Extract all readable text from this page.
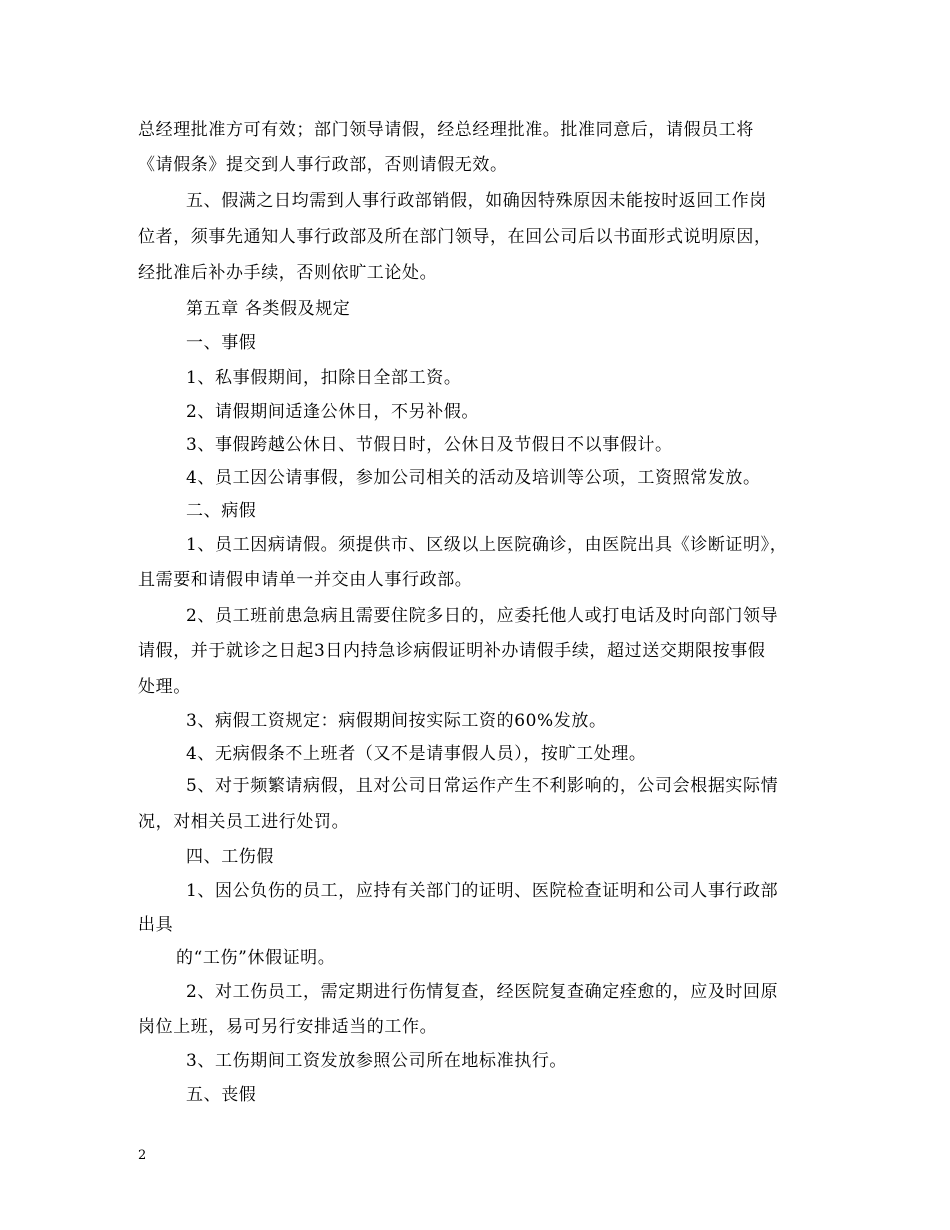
总经理批准方可有效；部门领导请假，经总经理批准。批准同意后，请假员工将
《请假条》提交到人事行政部，否则请假无效。
五、假满之日均需到人事行政部销假，如确因特殊原因未能按时返回工作岗
位者，须事先通知人事行政部及所在部门领导，在回公司后以书面形式说明原因，
经批准后补办手续，否则依旷工论处。
第五章 各类假及规定
一、事假
1、私事假期间，扣除日全部工资。
2、请假期间适逢公休日，不另补假。
3、事假跨越公休日、节假日时，公休日及节假日不以事假计。
4、员工因公请事假，参加公司相关的活动及培训等公项，工资照常发放。
二、病假
1、员工因病请假。须提供市、区级以上医院确诊，由医院出具《诊断证明》，
且需要和请假申请单一并交由人事行政部。
2、员工班前患急病且需要住院多日的，应委托他人或打电话及时向部门领导
请假，并于就诊之日起3日内持急诊病假证明补办请假手续，超过送交期限按事假
处理。
3、病假工资规定：病假期间按实际工资的60%发放。
4、无病假条不上班者（又不是请事假人员），按旷工处理。
5、对于频繁请病假，且对公司日常运作产生不利影响的，公司会根据实际情
况，对相关员工进行处罚。
四、工伤假
1、因公负伤的员工，应持有关部门的证明、医院检查证明和公司人事行政部
出具
的“工伤”休假证明。
2、对工伤员工，需定期进行伤情复查，经医院复查确定痊愈的，应及时回原
岗位上班，易可另行安排适当的工作。
3、工伤期间工资发放参照公司所在地标准执行。
五、丧假
2
